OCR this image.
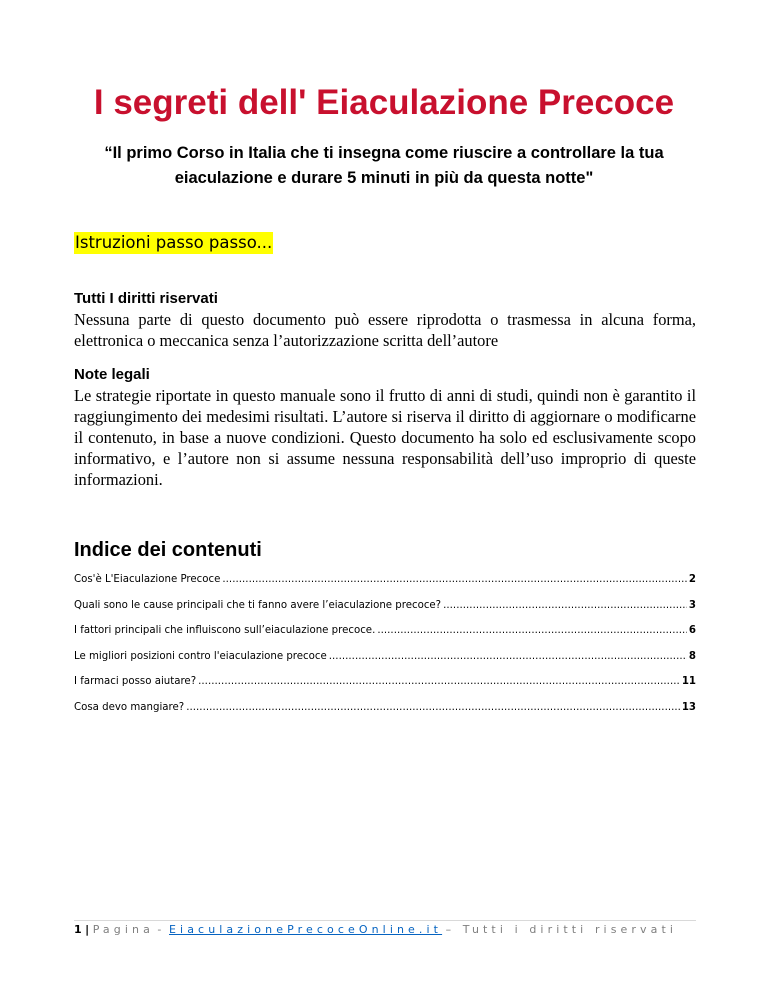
I segreti dell' Eiaculazione Precoce
“Il primo Corso in Italia che ti insegna come riuscire a controllare la tua eiaculazione e durare 5 minuti in più da questa notte"
Istruzioni passo passo...
Tutti I diritti riservati
Nessuna parte di questo documento può essere riprodotta o trasmessa in alcuna forma, elettronica o meccanica senza l’autorizzazione scritta dell’autore
Note legali
Le strategie riportate in questo manuale sono il frutto di anni di studi, quindi non è garantito il raggiungimento dei medesimi risultati. L’autore si riserva il diritto di aggiornare o modificarne il contenuto, in base a nuove condizioni. Questo documento ha solo ed esclusivamente scopo informativo, e l’autore non si assume nessuna responsabilità dell’uso improprio di queste informazioni.
Indice dei contenuti
Cos'è L'Eiaculazione Precoce . . .	2
Quali sono le cause principali che ti fanno avere l’eiaculazione precoce? . . .	3
I fattori principali che influiscono sull’eiaculazione precoce. . . .	6
Le migliori posizioni contro l'eiaculazione precoce . . .	8
I farmaci posso aiutare? . . .	11
Cosa devo mangiare? . . .	13
1 | Pagina - EiaculazionePrecoceOnline.it – Tutti i diritti riservati
